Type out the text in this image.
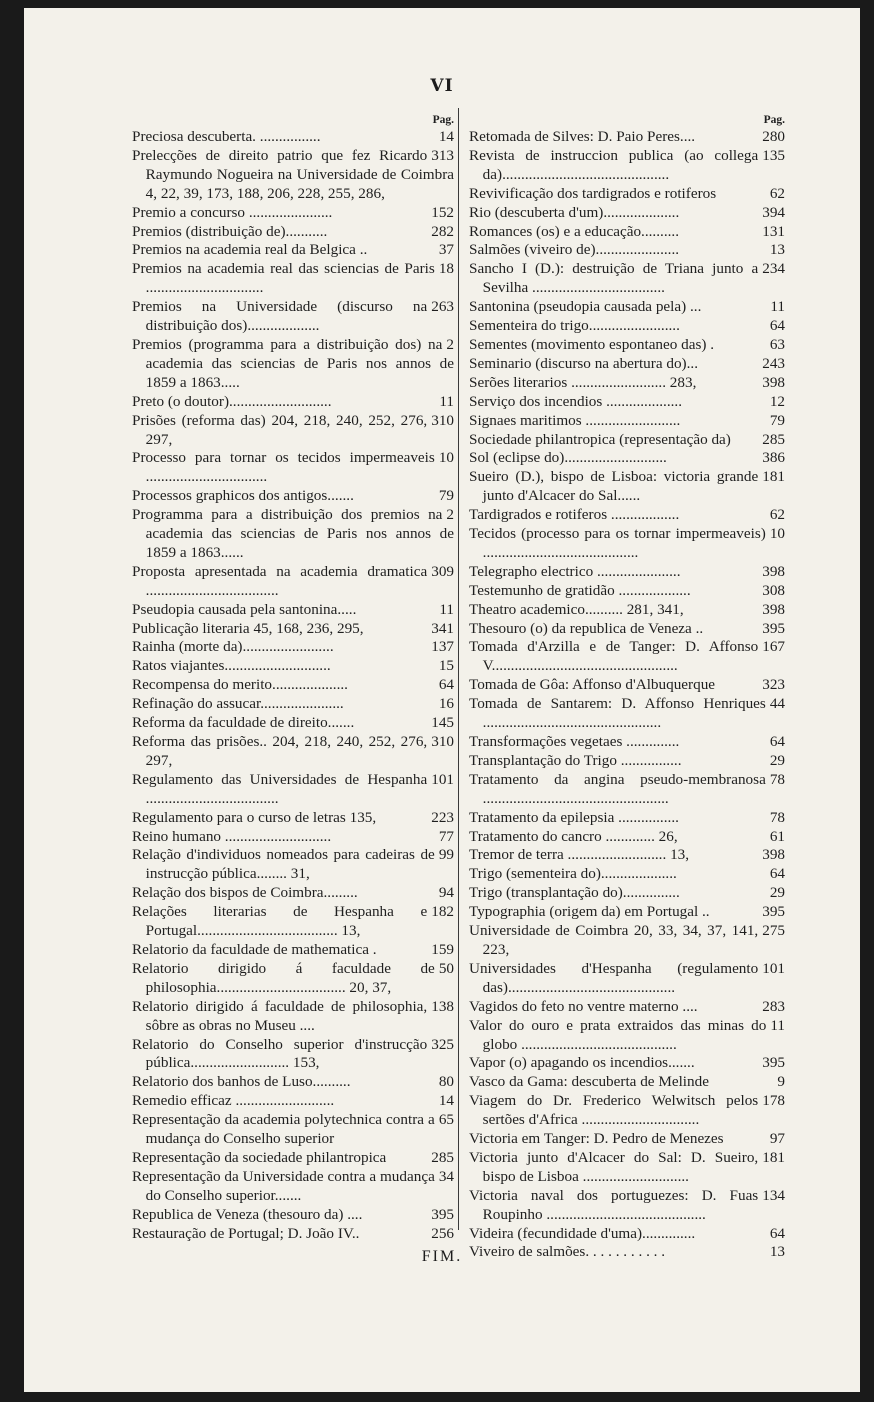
VI
Pag.
14
Preciosa descuberta. ................
313
Prelecções de direito patrio que fez Ricardo Raymundo Nogueira na Universidade de Coimbra 4, 22, 39, 173, 188, 206, 228, 255, 286,
152
Premio a concurso ......................
282
Premios (distribuição de)...........
37
Premios na academia real da Belgica ..
18
Premios na academia real das sciencias de Paris ...............................
263
Premios na Universidade (discurso na distribuição dos)...................
2
Premios (programma para a distribuição dos) na academia das sciencias de Paris nos annos de 1859 a 1863.....
11
Preto (o doutor)...........................
310
Prisões (reforma das) 204, 218, 240, 252, 276, 297,
10
Processo para tornar os tecidos impermeaveis ................................
79
Processos graphicos dos antigos.......
2
Programma para a distribuição dos premios na academia das sciencias de Paris nos annos de 1859 a 1863......
309
Proposta apresentada na academia dramatica ...................................
11
Pseudopia causada pela santonina.....
341
Publicação literaria 45, 168, 236, 295,
137
Rainha (morte da)........................
15
Ratos viajantes............................
64
Recompensa do merito....................
16
Refinação do assucar......................
145
Reforma da faculdade de direito.......
310
Reforma das prisões.. 204, 218, 240, 252, 276, 297,
101
Regulamento das Universidades de Hespanha ...................................
223
Regulamento para o curso de letras 135,
77
Reino humano ............................
99
Relação d'individuos nomeados para cadeiras de instrucção pública........ 31,
94
Relação dos bispos de Coimbra.........
182
Relações literarias de Hespanha e Portugal..................................... 13,
159
Relatorio da faculdade de mathematica .
50
Relatorio dirigido á faculdade de philosophia.................................. 20, 37,
138
Relatorio dirigido á faculdade de philosophia, sôbre as obras no Museu ....
325
Relatorio do Conselho superior d'instrucção pública.......................... 153,
80
Relatorio dos banhos de Luso..........
14
Remedio efficaz ..........................
65
Representação da academia polytechnica contra a mudança do Conselho superior
285
Representação da sociedade philantropica
34
Representação da Universidade contra a mudança do Conselho superior.......
395
Republica de Veneza (thesouro da) ....
256
Restauração de Portugal; D. João IV..
Pag.
280
Retomada de Silves: D. Paio Peres....
135
Revista de instruccion publica (ao collega da)............................................
62
Revivificação dos tardigrados e rotiferos
394
Rio (descuberta d'um)....................
131
Romances (os) e a educação..........
13
Salmões (viveiro de)......................
234
Sancho I (D.): destruição de Triana junto a Sevilha ...................................
11
Santonina (pseudopia causada pela) ...
64
Sementeira do trigo........................
63
Sementes (movimento espontaneo das) .
243
Seminario (discurso na abertura do)...
398
Serões literarios ......................... 283,
12
Serviço dos incendios ....................
79
Signaes maritimos .........................
285
Sociedade philantropica (representação da)
386
Sol (eclipse do)...........................
181
Sueiro (D.), bispo de Lisboa: victoria grande junto d'Alcacer do Sal......
62
Tardigrados e rotiferos ..................
10
Tecidos (processo para os tornar impermeaveis) .........................................
398
Telegrapho electrico ......................
308
Testemunho de gratidão ...................
398
Theatro academico.......... 281, 341,
395
Thesouro (o) da republica de Veneza ..
167
Tomada d'Arzilla e de Tanger: D. Affonso V.................................................
323
Tomada de Gôa: Affonso d'Albuquerque
44
Tomada de Santarem: D. Affonso Henriques ...............................................
64
Transformações vegetaes ..............
29
Transplantação do Trigo ................
78
Tratamento da angina pseudo-membranosa .................................................
78
Tratamento da epilepsia ................
61
Tratamento do cancro ............. 26,
398
Tremor de terra .......................... 13,
64
Trigo (sementeira do)....................
29
Trigo (transplantação do)...............
395
Typographia (origem da) em Portugal ..
275
Universidade de Coimbra 20, 33, 34, 37, 141, 223,
101
Universidades d'Hespanha (regulamento das)............................................
283
Vagidos do feto no ventre materno ....
11
Valor do ouro e prata extraidos das minas do globo .........................................
395
Vapor (o) apagando os incendios.......
9
Vasco da Gama: descuberta de Melinde
178
Viagem do Dr. Frederico Welwitsch pelos sertões d'Africa ...............................
97
Victoria em Tanger: D. Pedro de Menezes
181
Victoria junto d'Alcacer do Sal: D. Sueiro, bispo de Lisboa ............................
134
Victoria naval dos portuguezes: D. Fuas Roupinho ..........................................
64
Videira (fecundidade d'uma)..............
13
Viveiro de salmões. . . . . . . . . . .
FIM.
